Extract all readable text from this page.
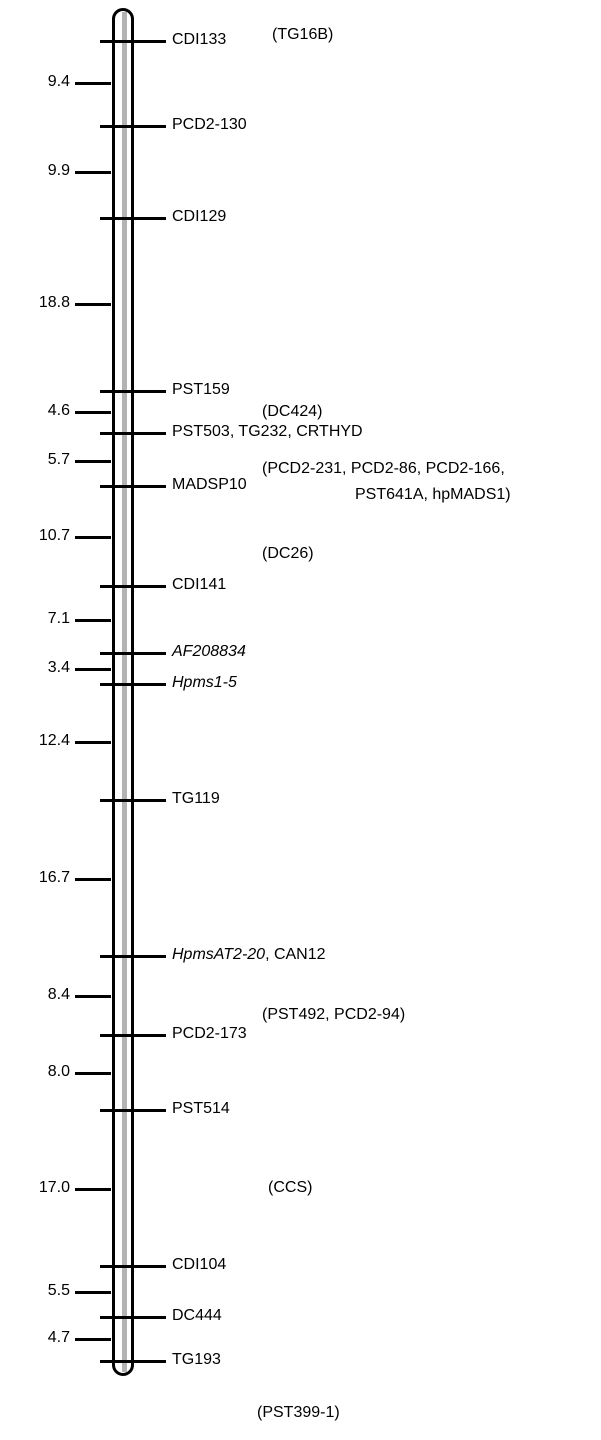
9.4
9.9
18.8
4.6
5.7
10.7
7.1
3.4
12.4
16.7
8.4
8.0
17.0
5.5
4.7
CDI133
PCD2-130
CDI129
PST159
PST503, TG232, CRTHYD
MADSP10
CDI141
AF208834
Hpms1-5
TG119
HpmsAT2-20, CAN12
PCD2-173
PST514
CDI104
DC444
TG193
(TG16B)
(DC424)
(PCD2-231, PCD2-86, PCD2-166,
PST641A, hpMADS1)
(DC26)
(PST492, PCD2-94)
(CCS)
(PST399-1)
